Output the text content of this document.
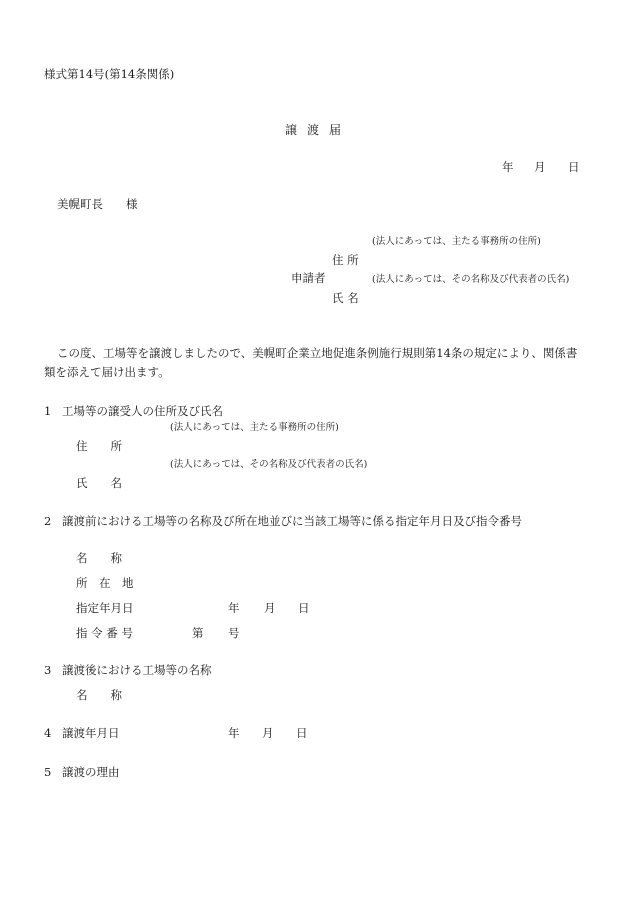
様式第14号(第14条関係)
譲 渡 届
年 月 日
美幌町長 様
(法人にあっては、主たる事務所の住所)
住 所
申請者	(法人にあっては、その名称及び代表者の氏名)
氏 名
この度、工場等を譲渡しましたので、美幌町企業立地促進条例施行規則第14条の規定により、関係書
類を添えて届け出ます。
1 工場等の譲受人の住所及び氏名
(法人にあっては、主たる事務所の住所)
住　　所
(法人にあっては、その名称及び代表者の氏名)
氏　　名
2 譲渡前における工場等の名称及び所在地並びに当該工場等に係る指定年月日及び指令番号
名　　称
所　在　地
指定年月日	年 月 日
指 令 番 号	第 号
3 譲渡後における工場等の名称
名　　称
4 譲渡年月日	年 月 日
5 譲渡の理由
